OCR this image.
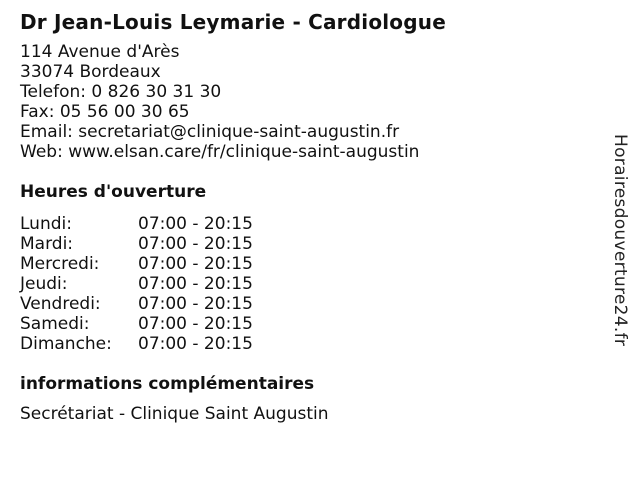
Dr Jean-Louis Leymarie - Cardiologue
114 Avenue d'Arès
33074 Bordeaux
Telefon: 0 826 30 31 30
Fax: 05 56 00 30 65
Email: secretariat@clinique-saint-augustin.fr
Web: www.elsan.care/fr/clinique-saint-augustin
Heures d'ouverture
Lundi:	07:00 - 20:15
Mardi:	07:00 - 20:15
Mercredi:	07:00 - 20:15
Jeudi:	07:00 - 20:15
Vendredi:	07:00 - 20:15
Samedi:	07:00 - 20:15
Dimanche:	07:00 - 20:15
informations complémentaires
Secrétariat - Clinique Saint Augustin
Horairesdouverture24.fr
